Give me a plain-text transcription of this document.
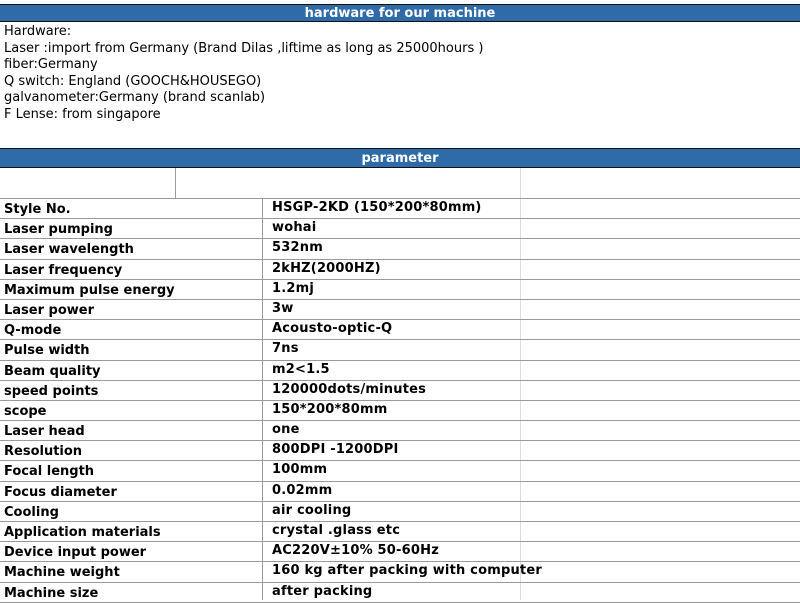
hardware for our machine
Hardware:
Laser :import from Germany (Brand Dilas ,liftime as long as 25000hours )
fiber:Germany
Q switch: England (GOOCH&HOUSEGO)
galvanometer:Germany (brand scanlab)
F Lense: from singapore
parameter
Style No.	HSGP-2KD (150*200*80mm)
Laser pumping	wohai
Laser wavelength	532nm
Laser frequency	2kHZ(2000HZ)
Maximum pulse energy	1.2mj
Laser power	3w
Q-mode	Acousto-optic-Q
Pulse width	7ns
Beam quality	m2<1.5
speed points	120000dots/minutes
scope	150*200*80mm
Laser head	one
Resolution	800DPI -1200DPI
Focal length	100mm
Focus diameter	0.02mm
Cooling	air cooling
Application materials	crystal .glass etc
Device input power	AC220V±10% 50-60Hz
Machine weight	160 kg after packing with computer
Machine size	after packing
